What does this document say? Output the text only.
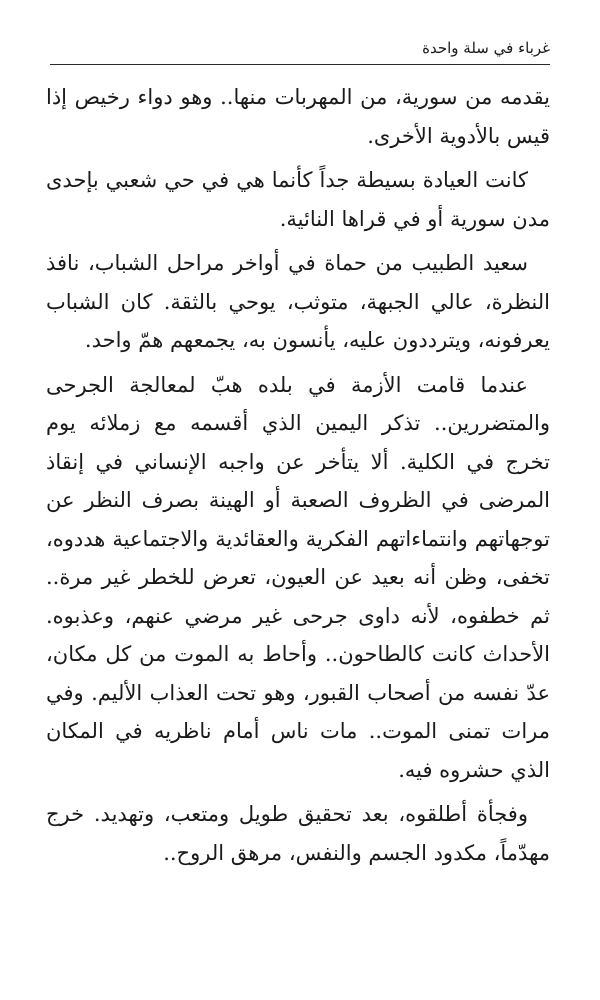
غرباء في سلة واحدة

يقدمه من سورية، من المهربات منها.. وهو دواء رخيص إذا قيس بالأدوية الأخرى.

كانت العيادة بسيطة جداً كأنما هي في حي شعبي بإحدى مدن سورية أو في قراها النائية.

سعيد الطبيب من حماة في أواخر مراحل الشباب، نافذ النظرة، عالي الجبهة، متوثب، يوحي بالثقة. كان الشباب يعرفونه، ويترددون عليه، يأنسون به، يجمعهم همّ واحد.

عندما قامت الأزمة في بلده هبّ لمعالجة الجرحى والمتضررين.. تذكر اليمين الذي أقسمه مع زملائه يوم تخرج في الكلية. ألا يتأخر عن واجبه الإنساني في إنقاذ المرضى في الظروف الصعبة أو الهينة بصرف النظر عن توجهاتهم وانتماءاتهم الفكرية والعقائدية والاجتماعية هددوه، تخفى، وظن أنه بعيد عن العيون، تعرض للخطر غير مرة.. ثم خطفوه، لأنه داوى جرحى غير مرضي عنهم، وعذبوه. الأحداث كانت كالطاحون.. وأحاط به الموت من كل مكان، عدّ نفسه من أصحاب القبور، وهو تحت العذاب الأليم. وفي مرات تمنى الموت.. مات ناس أمام ناظريه في المكان الذي حشروه فيه.

وفجأة أطلقوه، بعد تحقيق طويل ومتعب، وتهديد. خرج مهدّماً، مكدود الجسم والنفس، مرهق الروح..
